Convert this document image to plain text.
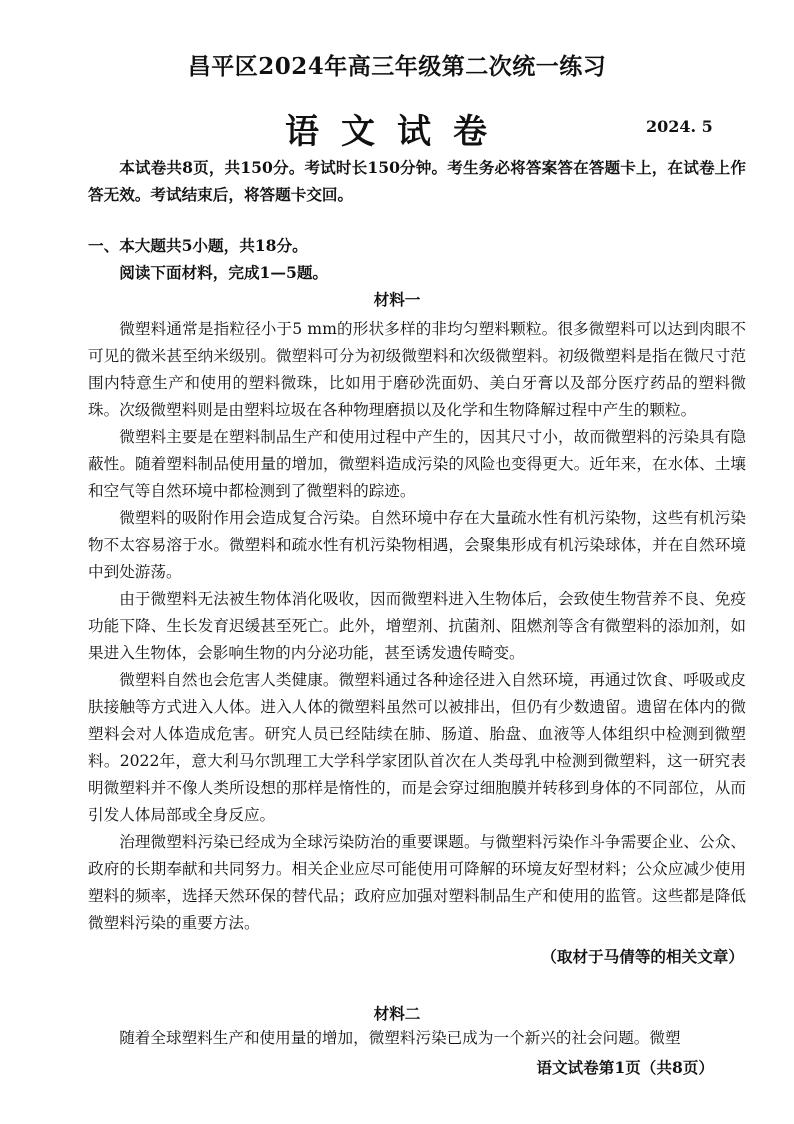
昌平区2024年高三年级第二次统一练习
语文试卷	2024. 5

本试卷共8页，共150分。考试时长150分钟。考生务必将答案答在答题卡上，在试卷上作答无效。考试结束后，将答题卡交回。

一、本大题共5小题，共18分。
阅读下面材料，完成1—5题。
材料一

微塑料通常是指粒径小于5 mm的形状多样的非均匀塑料颗粒。很多微塑料可以达到肉眼不可见的微米甚至纳米级别。微塑料可分为初级微塑料和次级微塑料。初级微塑料是指在微尺寸范围内特意生产和使用的塑料微珠，比如用于磨砂洗面奶、美白牙膏以及部分医疗药品的塑料微珠。次级微塑料则是由塑料垃圾在各种物理磨损以及化学和生物降解过程中产生的颗粒。

微塑料主要是在塑料制品生产和使用过程中产生的，因其尺寸小，故而微塑料的污染具有隐蔽性。随着塑料制品使用量的增加，微塑料造成污染的风险也变得更大。近年来，在水体、土壤和空气等自然环境中都检测到了微塑料的踪迹。

微塑料的吸附作用会造成复合污染。自然环境中存在大量疏水性有机污染物，这些有机污染物不太容易溶于水。微塑料和疏水性有机污染物相遇，会聚集形成有机污染球体，并在自然环境中到处游荡。

由于微塑料无法被生物体消化吸收，因而微塑料进入生物体后，会致使生物营养不良、免疫功能下降、生长发育迟缓甚至死亡。此外，增塑剂、抗菌剂、阻燃剂等含有微塑料的添加剂，如果进入生物体，会影响生物的内分泌功能，甚至诱发遗传畸变。

微塑料自然也会危害人类健康。微塑料通过各种途径进入自然环境，再通过饮食、呼吸或皮肤接触等方式进入人体。进入人体的微塑料虽然可以被排出，但仍有少数遗留。遗留在体内的微塑料会对人体造成危害。研究人员已经陆续在肺、肠道、胎盘、血液等人体组织中检测到微塑料。2022年，意大利马尔凯理工大学科学家团队首次在人类母乳中检测到微塑料，这一研究表明微塑料并不像人类所设想的那样是惰性的，而是会穿过细胞膜并转移到身体的不同部位，从而引发人体局部或全身反应。

治理微塑料污染已经成为全球污染防治的重要课题。与微塑料污染作斗争需要企业、公众、政府的长期奉献和共同努力。相关企业应尽可能使用可降解的环境友好型材料；公众应减少使用塑料的频率，选择天然环保的替代品；政府应加强对塑料制品生产和使用的监管。这些都是降低微塑料污染的重要方法。

（取材于马倩等的相关文章）
材料二

随着全球塑料生产和使用量的增加，微塑料污染已成为一个新兴的社会问题。微塑

语文试卷第1页（共8页）
